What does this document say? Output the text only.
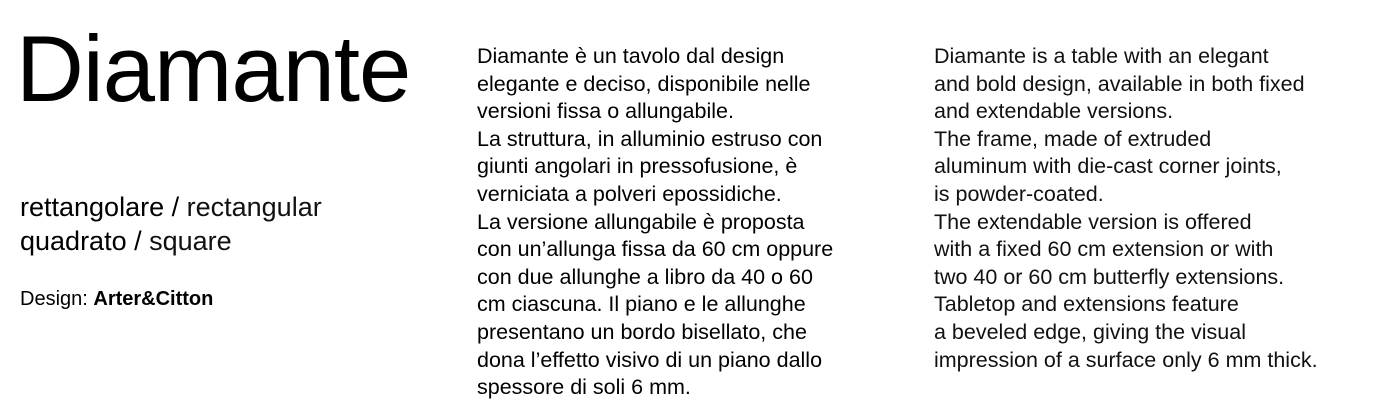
Diamante
rettangolare / rectangular
quadrato / square
Design: Arter&Citton
Diamante è un tavolo dal design
elegante e deciso, disponibile nelle
versioni fissa o allungabile.
La struttura, in alluminio estruso con
giunti angolari in pressofusione, è
verniciata a polveri epossidiche.
La versione allungabile è proposta
con un’allunga fissa da 60 cm oppure
con due allunghe a libro da 40 o 60
cm ciascuna. Il piano e le allunghe
presentano un bordo bisellato, che
dona l’effetto visivo di un piano dallo
spessore di soli 6 mm.
Diamante is a table with an elegant
and bold design, available in both fixed
and extendable versions.
The frame, made of extruded
aluminum with die-cast corner joints,
is powder-coated.
The extendable version is offered
with a fixed 60 cm extension or with
two 40 or 60 cm butterfly extensions.
Tabletop and extensions feature
a beveled edge, giving the visual
impression of a surface only 6 mm thick.
